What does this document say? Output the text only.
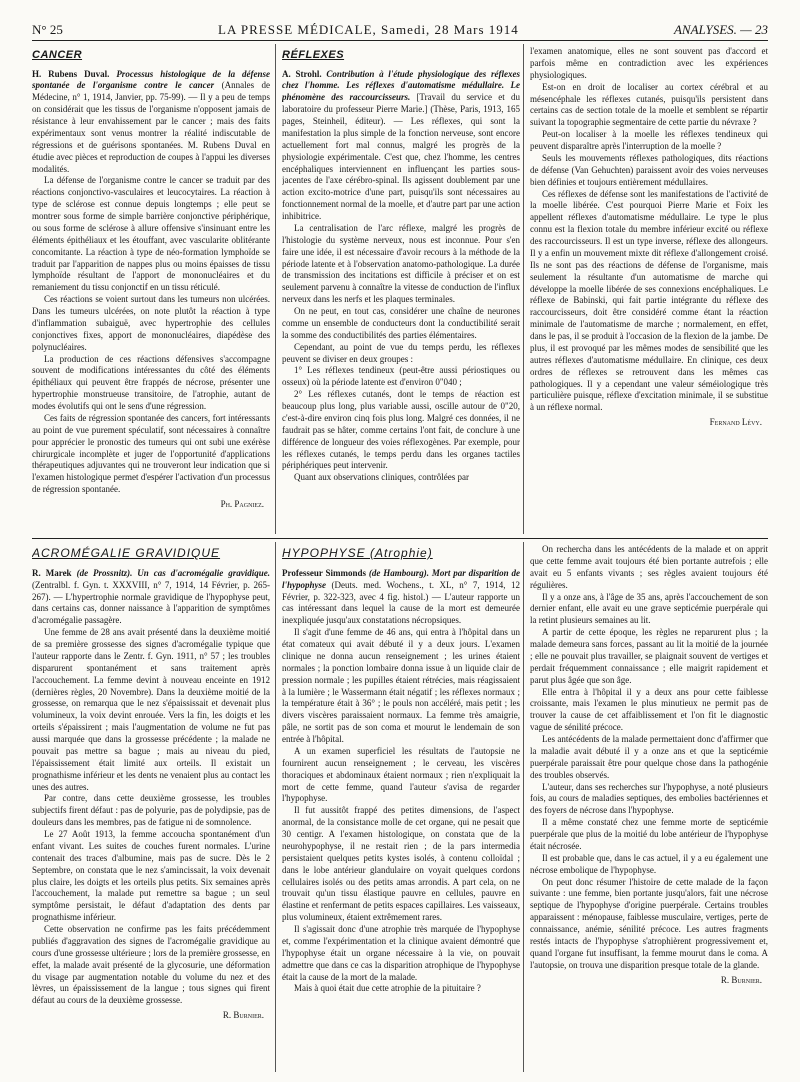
N° 25	LA PRESSE MÉDICALE, Samedi, 28 Mars 1914	ANALYSES. — 23
CANCER

H. Rubens Duval. Processus histologique de la défense spontanée de l'organisme contre le cancer (Annales de Médecine, n° 1, 1914, Janvier, pp. 75-99). — Il y a peu de temps on considérait que les tissus de l'organisme n'opposent jamais de résistance à leur envahissement par le cancer ; mais des faits expérimentaux sont venus montrer la réalité indiscutable de régressions et de guérisons spontanées. M. Rubens Duval en étudie avec pièces et reproduction de coupes à l'appui les diverses modalités.

La défense de l'organisme contre le cancer se traduit par des réactions conjonctivo-vasculaires et leucocytaires. La réaction à type de sclérose est connue depuis longtemps ; elle peut se montrer sous forme de simple barrière conjonctive périphérique, ou sous forme de sclérose à allure offensive s'insinuant entre les éléments épithéliaux et les étouffant, avec vascularite oblitérante concomitante. La réaction à type de néo-formation lymphoïde se traduit par l'apparition de nappes plus ou moins épaisses de tissu lymphoïde résultant de l'apport de mononucléaires et du remaniement du tissu conjonctif en un tissu réticulé.

Ces réactions se voient surtout dans les tumeurs non ulcérées. Dans les tumeurs ulcérées, on note plutôt la réaction à type d'inflammation subaiguë, avec hypertrophie des cellules conjonctives fixes, apport de mononucléaires, diapédèse des polynucléaires.

La production de ces réactions défensives s'accompagne souvent de modifications intéressantes du côté des éléments épithéliaux qui peuvent être frappés de nécrose, présenter une hypertrophie monstrueuse transitoire, de l'atrophie, autant de modes évolutifs qui ont le sens d'une régression.

Ces faits de régression spontanée des cancers, fort intéressants au point de vue purement spéculatif, sont nécessaires à connaître pour apprécier le pronostic des tumeurs qui ont subi une exérèse chirurgicale incomplète et juger de l'opportunité d'applications thérapeutiques adjuvantes qui ne trouveront leur indication que si l'examen histologique permet d'espérer l'activation d'un processus de régression spontanée.

Ph. Pagniez.
RÉFLEXES

A. Strohl. Contribution à l'étude physiologique des réflexes chez l'homme. Les réflexes d'automatisme médullaire. Le phénomène des raccourcisseurs. [Travail du service et du laboratoire du professeur Pierre Marie.] (Thèse, Paris, 1913, 165 pages, Steinheil, éditeur). — Les réflexes, qui sont la manifestation la plus simple de la fonction nerveuse, sont encore actuellement fort mal connus, malgré les progrès de la physiologie expérimentale. C'est que, chez l'homme, les centres encéphaliques interviennent en influençant les parties sous-jacentes de l'axe cérébro-spinal. Ils agissent doublement par une action excito-motrice d'une part, puisqu'ils sont nécessaires au fonctionnement normal de la moelle, et d'autre part par une action inhibitrice.

La centralisation de l'arc réflexe, malgré les progrès de l'histologie du système nerveux, nous est inconnue. Pour s'en faire une idée, il est nécessaire d'avoir recours à la méthode de la période latente et à l'observation anatomo-pathologique. La durée de transmission des incitations est difficile à préciser et on est seulement parvenu à connaître la vitesse de conduction de l'influx nerveux dans les nerfs et les plaques terminales.

On ne peut, en tout cas, considérer une chaîne de neurones comme un ensemble de conducteurs dont la conductibilité serait la somme des conductibilités des parties élémentaires.

Cependant, au point de vue du temps perdu, les réflexes peuvent se diviser en deux groupes :

1° Les réflexes tendineux (peut-être aussi périostiques ou osseux) où la période latente est d'environ 0"040 ;

2° Les réflexes cutanés, dont le temps de réaction est beaucoup plus long, plus variable aussi, oscille autour de 0"20, c'est-à-dire environ cinq fois plus long. Malgré ces données, il ne faudrait pas se hâter, comme certains l'ont fait, de conclure à une différence de longueur des voies réflexogènes. Par exemple, pour les réflexes cutanés, le temps perdu dans les organes tactiles périphériques peut intervenir.

Quant aux observations cliniques, contrôlées par

l'examen anatomique, elles ne sont souvent pas d'accord et parfois même en contradiction avec les expériences physiologiques.

Est-on en droit de localiser au cortex cérébral et au mésencéphale les réflexes cutanés, puisqu'ils persistent dans certains cas de section totale de la moelle et semblent se répartir suivant la topographie segmentaire de cette partie du névraxe ?

Peut-on localiser à la moelle les réflexes tendineux qui peuvent disparaître après l'interruption de la moelle ?

Seuls les mouvements réflexes pathologiques, dits réactions de défense (Van Gehuchten) paraissent avoir des voies nerveuses bien définies et toujours entièrement médullaires.

Ces réflexes de défense sont les manifestations de l'activité de la moelle libérée. C'est pourquoi Pierre Marie et Foix les appellent réflexes d'automatisme médullaire. Le type le plus connu est la flexion totale du membre inférieur excité ou réflexe des raccourcisseurs. Il est un type inverse, réflexe des allongeurs. Il y a enfin un mouvement mixte dit réflexe d'allongement croisé. Ils ne sont pas des réactions de défense de l'organisme, mais seulement la résultante d'un automatisme de marche qui développe la moelle libérée de ses connexions encéphaliques. Le réflexe de Babinski, qui fait partie intégrante du réflexe des raccourcisseurs, doit être considéré comme étant la réaction minimale de l'automatisme de marche ; normalement, en effet, dans le pas, il se produit à l'occasion de la flexion de la jambe. De plus, il est provoqué par les mêmes modes de sensibilité que les autres réflexes d'automatisme médullaire. En clinique, ces deux ordres de réflexes se retrouvent dans les mêmes cas pathologiques. Il y a cependant une valeur séméiologique très particulière puisque, réflexe d'excitation minimale, il se substitue à un réflexe normal.

Fernand Lévy.
ACROMÉGALIE GRAVIDIQUE

R. Marek (de Prossnitz). Un cas d'acromégalie gravidique. (Zentralbl. f. Gyn. t. XXXVIII, n° 7, 1914, 14 Février, p. 265-267). — L'hypertrophie normale gravidique de l'hypophyse peut, dans certains cas, donner naissance à l'apparition de symptômes d'acromégalie passagère.

Une femme de 28 ans avait présenté dans la deuxième moitié de sa première grossesse des signes d'acromégalie typique que l'auteur rapporte dans le Zentr. f. Gyn. 1911, n° 57 ; les troubles disparurent spontanément et sans traitement après l'accouchement. La femme devint à nouveau enceinte en 1912 (dernières règles, 20 Novembre). Dans la deuxième moitié de la grossesse, on remarqua que le nez s'épaississait et devenait plus volumineux, la voix devint enrouée. Vers la fin, les doigts et les orteils s'épaissirent ; mais l'augmentation de volume ne fut pas aussi marquée que dans la grossesse précédente ; la malade ne pouvait pas mettre sa bague ; mais au niveau du pied, l'épaississement était limité aux orteils. Il existait un prognathisme inférieur et les dents ne venaient plus au contact les unes des autres.

Par contre, dans cette deuxième grossesse, les troubles subjectifs firent défaut : pas de polyurie, pas de polydipsie, pas de douleurs dans les membres, pas de fatigue ni de somnolence.

Le 27 Août 1913, la femme accoucha spontanément d'un enfant vivant. Les suites de couches furent normales. L'urine contenait des traces d'albumine, mais pas de sucre. Dès le 2 Septembre, on constata que le nez s'amincissait, la voix devenait plus claire, les doigts et les orteils plus petits. Six semaines après l'accouchement, la malade put remettre sa bague ; un seul symptôme persistait, le défaut d'adaptation des dents par prognathisme inférieur.

Cette observation ne confirme pas les faits précédemment publiés d'aggravation des signes de l'acromégalie gravidique au cours d'une grossesse ultérieure ; lors de la première grossesse, en effet, la malade avait présenté de la glycosurie, une déformation du visage par augmentation notable du volume du nez et des lèvres, un épaississement de la langue ; tous signes qui firent défaut au cours de la deuxième grossesse.

R. Burnier.
HYPOPHYSE (Atrophie)

Professeur Simmonds (de Hambourg). Mort par disparition de l'hypophyse (Deuts. med. Wochens., t. XL, n° 7, 1914, 12 Février, p. 322-323, avec 4 fig. histol.) — L'auteur rapporte un cas intéressant dans lequel la cause de la mort est demeurée inexpliquée jusqu'aux constatations nécropsiques.

Il s'agit d'une femme de 46 ans, qui entra à l'hôpital dans un état comateux qui avait débuté il y a deux jours. L'examen clinique ne donna aucun renseignement ; les urines étaient normales ; la ponction lombaire donna issue à un liquide clair de pression normale ; les pupilles étaient rétrécies, mais réagissaient à la lumière ; le Wassermann était négatif ; les réflexes normaux ; la température était à 36° ; le pouls non accéléré, mais petit ; les divers viscères paraissaient normaux. La femme très amaigrie, pâle, ne sortit pas de son coma et mourut le lendemain de son entrée à l'hôpital.

A un examen superficiel les résultats de l'autopsie ne fournirent aucun renseignement ; le cerveau, les viscères thoraciques et abdominaux étaient normaux ; rien n'expliquait la mort de cette femme, quand l'auteur s'avisa de regarder l'hypophyse.

Il fut aussitôt frappé des petites dimensions, de l'aspect anormal, de la consistance molle de cet organe, qui ne pesait que 30 centigr. A l'examen histologique, on constata que de la neurohypophyse, il ne restait rien ; de la pars intermedia persistaient quelques petits kystes isolés, à contenu colloïdal ; dans le lobe antérieur glandulaire on voyait quelques cordons cellulaires isolés ou des petits amas arrondis. A part cela, on ne trouvait qu'un tissu élastique pauvre en cellules, pauvre en élastine et renfermant de petits espaces capillaires. Les vaisseaux, plus volumineux, étaient extrêmement rares.

Il s'agissait donc d'une atrophie très marquée de l'hypophyse et, comme l'expérimentation et la clinique avaient démontré que l'hypophyse était un organe nécessaire à la vie, on pouvait admettre que dans ce cas la disparition atrophique de l'hypophyse était la cause de la mort de la malade.

Mais à quoi était due cette atrophie de la pituitaire ?

On rechercha dans les antécédents de la malade et on apprit que cette femme avait toujours été bien portante autrefois ; elle avait eu 5 enfants vivants ; ses règles avaient toujours été régulières.

Il y a onze ans, à l'âge de 35 ans, après l'accouchement de son dernier enfant, elle avait eu une grave septicémie puerpérale qui la retint plusieurs semaines au lit.

A partir de cette époque, les règles ne reparurent plus ; la malade demeura sans forces, passant au lit la moitié de la journée ; elle ne pouvait plus travailler, se plaignait souvent de vertiges et perdait fréquemment connaissance ; elle maigrit rapidement et parut plus âgée que son âge.

Elle entra à l'hôpital il y a deux ans pour cette faiblesse croissante, mais l'examen le plus minutieux ne permit pas de trouver la cause de cet affaiblissement et l'on fit le diagnostic vague de sénilité précoce.

Les antécédents de la malade permettaient donc d'affirmer que la maladie avait débuté il y a onze ans et que la septicémie puerpérale paraissait être pour quelque chose dans la pathogénie des troubles observés.

L'auteur, dans ses recherches sur l'hypophyse, a noté plusieurs fois, au cours de maladies septiques, des embolies bactériennes et des foyers de nécrose dans l'hypophyse.

Il a même constaté chez une femme morte de septicémie puerpérale que plus de la moitié du lobe antérieur de l'hypophyse était nécrosée.

Il est probable que, dans le cas actuel, il y a eu également une nécrose embolique de l'hypophyse.

On peut donc résumer l'histoire de cette malade de la façon suivante : une femme, bien portante jusqu'alors, fait une nécrose septique de l'hypophyse d'origine puerpérale. Certains troubles apparaissent : ménopause, faiblesse musculaire, vertiges, perte de connaissance, anémie, sénilité précoce. Les autres fragments restés intacts de l'hypophyse s'atrophièrent progressivement et, quand l'organe fut insuffisant, la femme mourut dans le coma. A l'autopsie, on trouva une disparition presque totale de la glande.

R. Burnier.
